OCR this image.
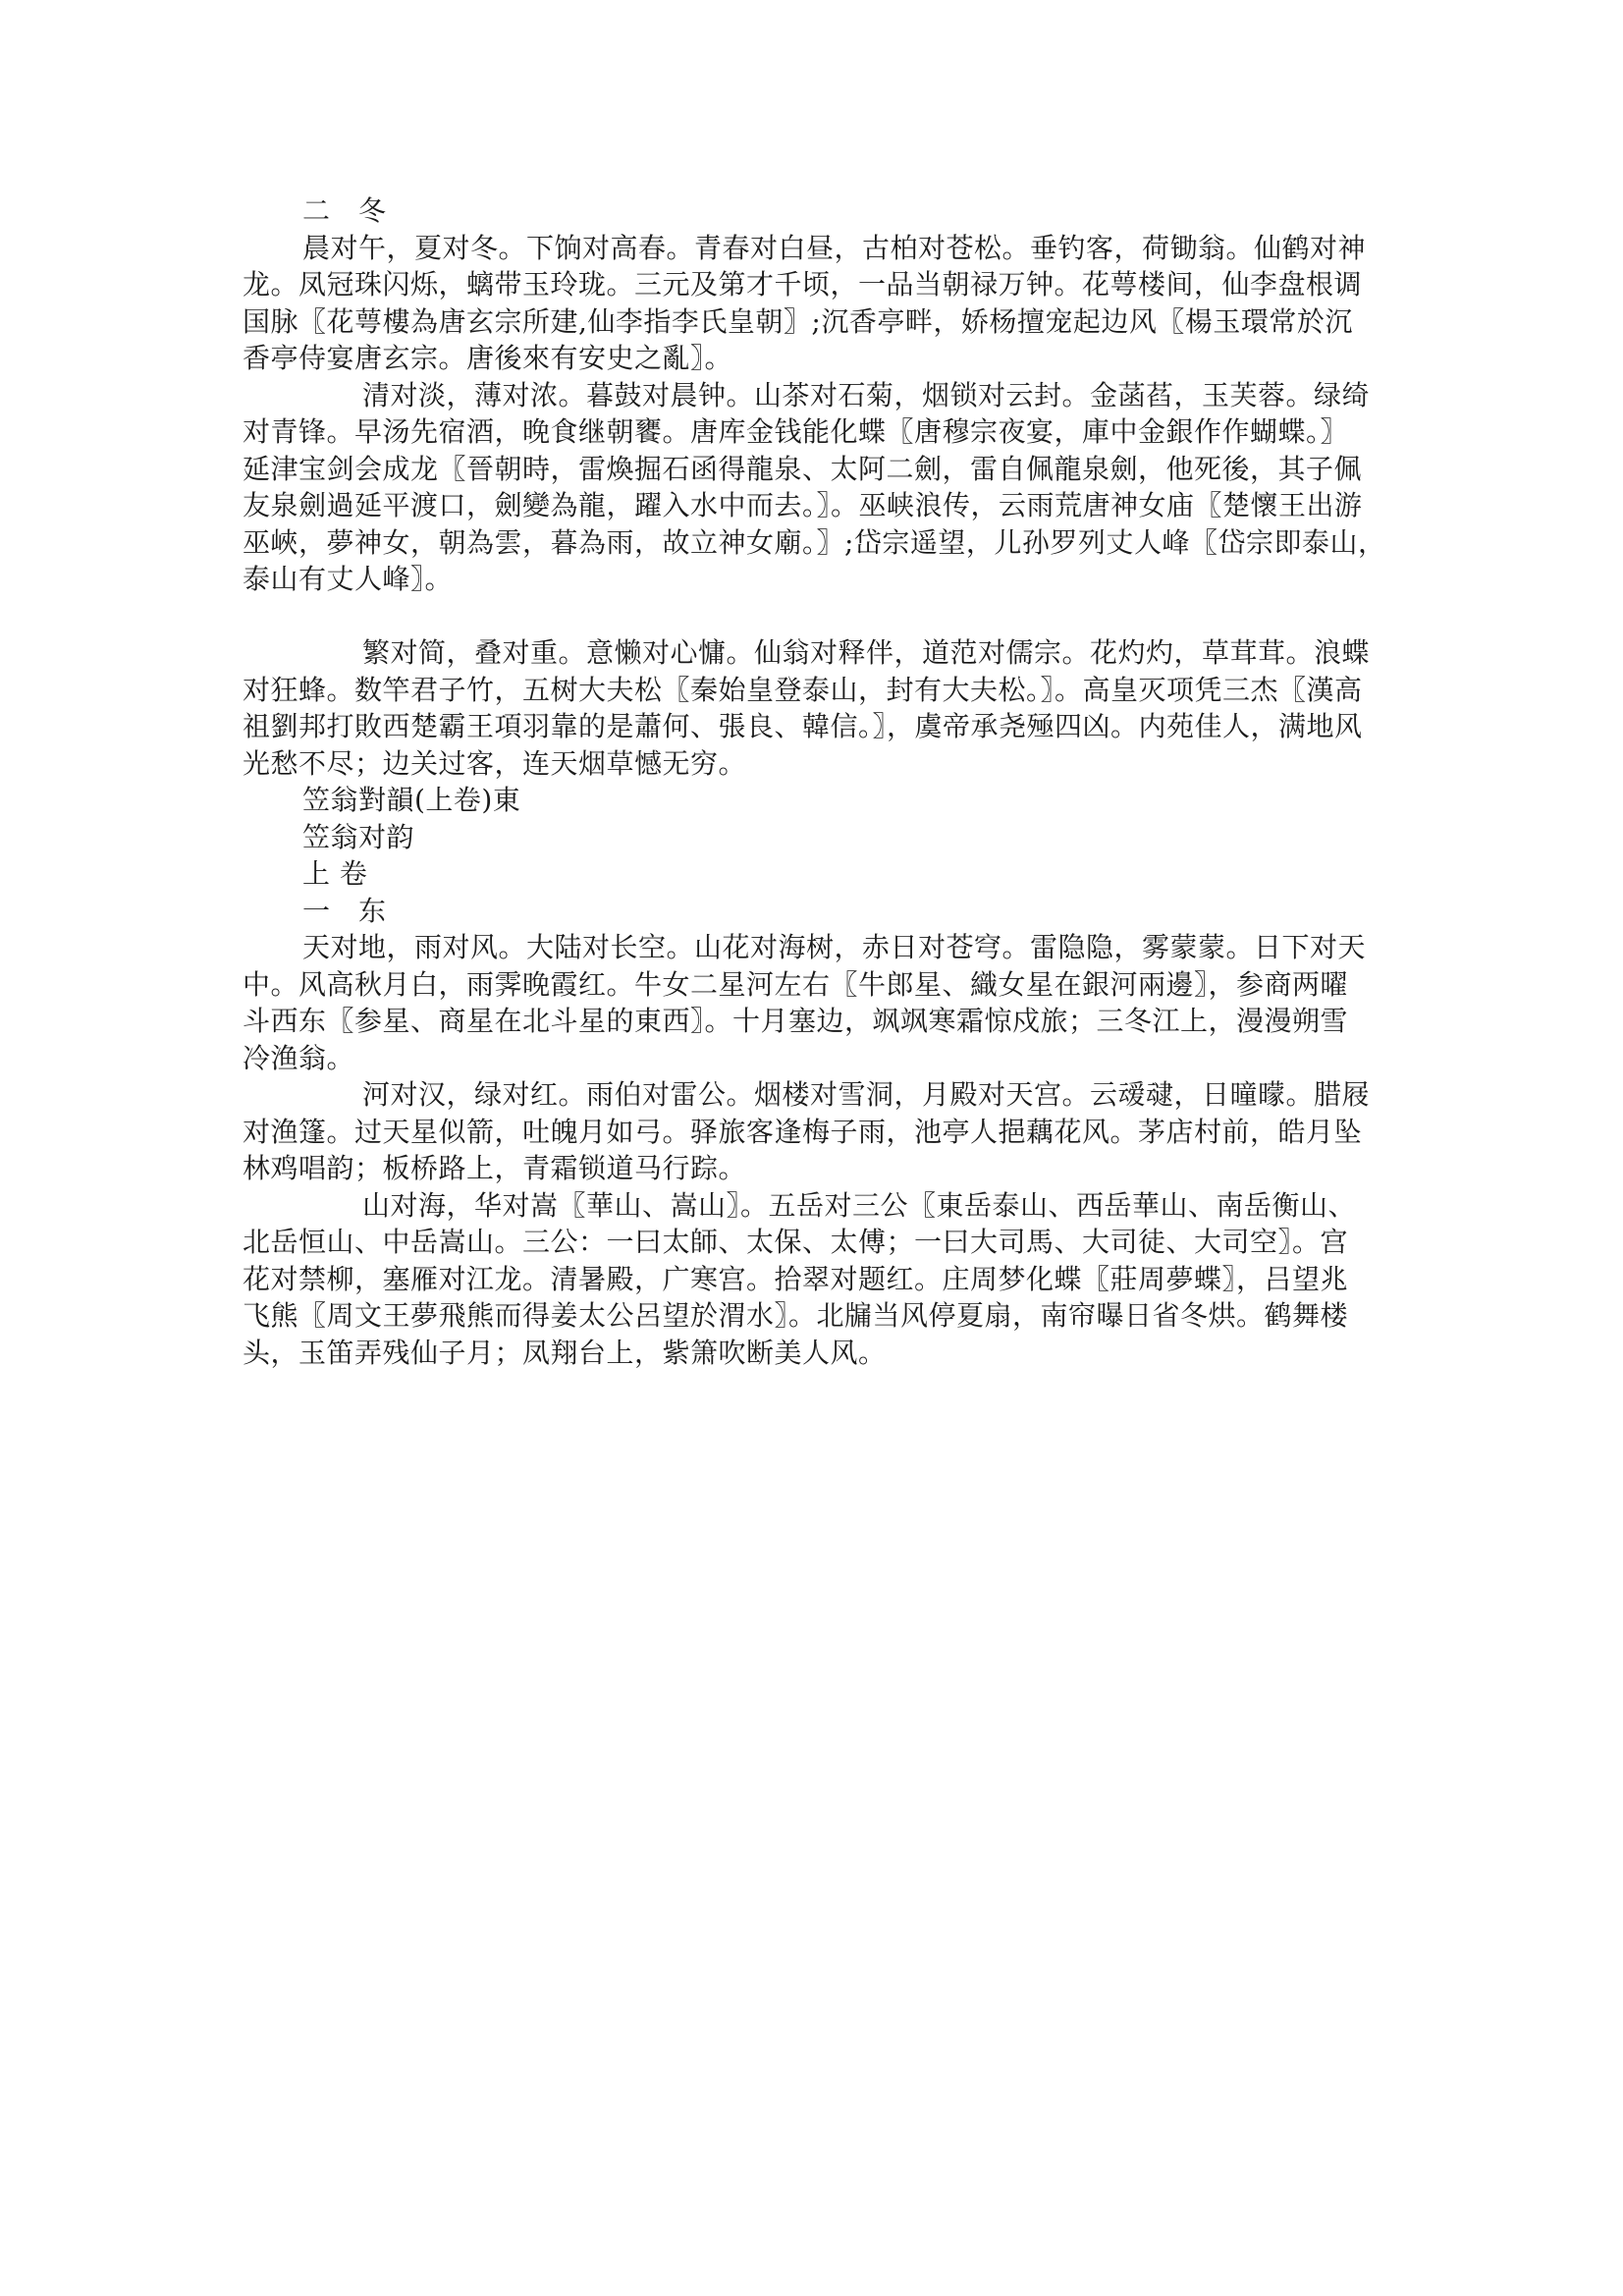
二　冬
晨对午，夏对冬。下饷对高春。青春对白昼，古柏对苍松。垂钓客，荷锄翁。仙鹤对神
龙。凤冠珠闪烁，螭带玉玲珑。三元及第才千顷，一品当朝禄万钟。花萼楼间，仙李盘根调
国脉〖花萼樓為唐玄宗所建,仙李指李氏皇朝〗;沉香亭畔，娇杨擅宠起边风〖楊玉環常於沉
香亭侍宴唐玄宗。唐後來有安史之亂〗。
清对淡，薄对浓。暮鼓对晨钟。山茶对石菊，烟锁对云封。金菡萏，玉芙蓉。绿绮
对青锋。早汤先宿酒，晚食继朝饔。唐库金钱能化蝶〖唐穆宗夜宴，庫中金銀作作蝴蝶。〗
延津宝剑会成龙〖晉朝時，雷煥掘石函得龍泉、太阿二劍，雷自佩龍泉劍，他死後，其子佩
友泉劍過延平渡口，劍變為龍，躍入水中而去。〗。巫峡浪传，云雨荒唐神女庙〖楚懷王出游
巫峽，夢神女，朝為雲，暮為雨，故立神女廟。〗;岱宗遥望，儿孙罗列丈人峰〖岱宗即泰山，
泰山有丈人峰〗。
繁对简，叠对重。意懒对心慵。仙翁对释伴，道范对儒宗。花灼灼，草茸茸。浪蝶
对狂蜂。数竿君子竹，五树大夫松〖秦始皇登泰山，封有大夫松。〗。高皇灭项凭三杰〖漢高
祖劉邦打敗西楚霸王項羽靠的是蕭何、張良、韓信。〗，虞帝承尧殛四凶。内苑佳人，满地风
光愁不尽；边关过客，连天烟草憾无穷。
笠翁對韻(上卷)東
笠翁对韵
上 卷
一　东
天对地，雨对风。大陆对长空。山花对海树，赤日对苍穹。雷隐隐，雾蒙蒙。日下对天
中。风高秋月白，雨霁晚霞红。牛女二星河左右〖牛郎星、織女星在銀河兩邊〗，参商两曜
斗西东〖参星、商星在北斗星的東西〗。十月塞边，飒飒寒霜惊戍旅；三冬江上，漫漫朔雪
冷渔翁。
河对汉，绿对红。雨伯对雷公。烟楼对雪洞，月殿对天宫。云叆叇，日曈曚。腊屐
对渔篷。过天星似箭，吐魄月如弓。驿旅客逢梅子雨，池亭人挹藕花风。茅店村前，皓月坠
林鸡唱韵；板桥路上，青霜锁道马行踪。
山对海，华对嵩〖華山、嵩山〗。五岳对三公〖東岳泰山、西岳華山、南岳衡山、
北岳恒山、中岳嵩山。三公：一曰太師、太保、太傅；一曰大司馬、大司徒、大司空〗。宫
花对禁柳，塞雁对江龙。清暑殿，广寒宫。拾翠对题红。庄周梦化蝶〖莊周夢蝶〗，吕望兆
飞熊〖周文王夢飛熊而得姜太公呂望於渭水〗。北牖当风停夏扇，南帘曝日省冬烘。鹤舞楼
头，玉笛弄残仙子月；凤翔台上，紫箫吹断美人风。
